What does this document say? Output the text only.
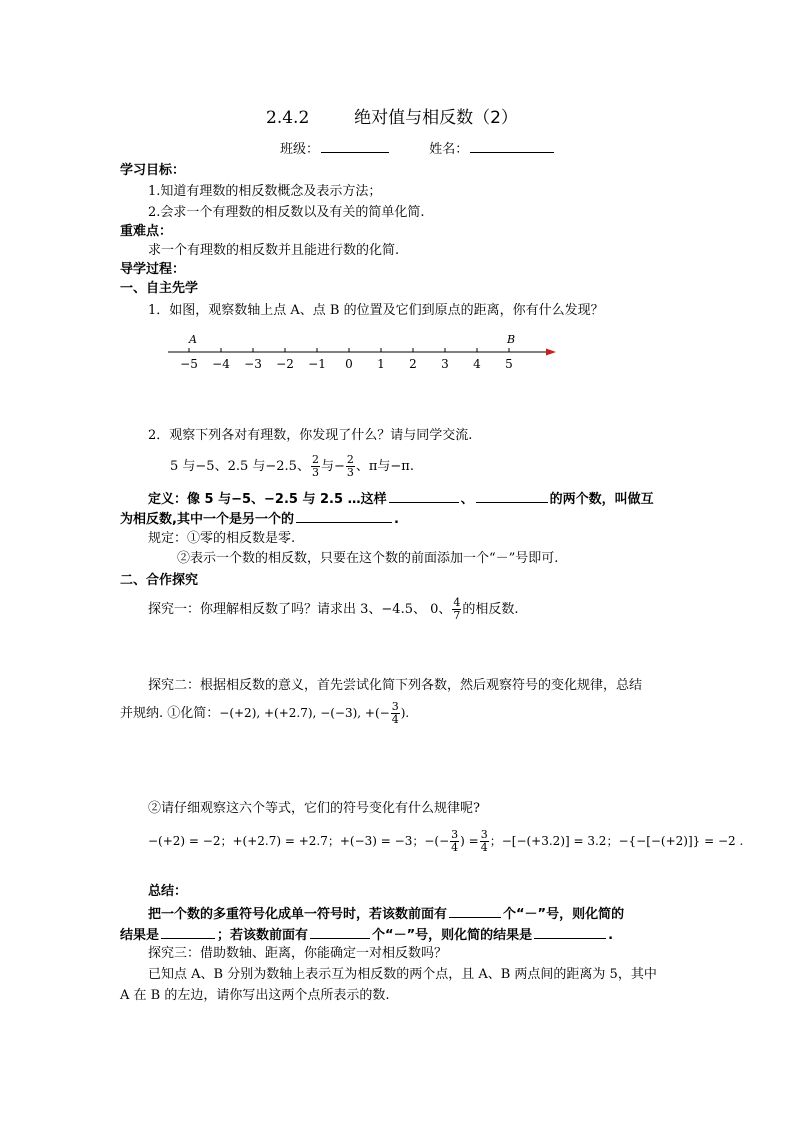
2.4.2	绝对值与相反数（2）
班级：	姓名：
学习目标：
1.知道有理数的相反数概念及表示方法；
2.会求一个有理数的相反数以及有关的简单化简.
重难点：
求一个有理数的相反数并且能进行数的化简.
导学过程：
一、自主先学
1．如图，观察数轴上点 A、点 B 的位置及它们到原点的距离，你有什么发现？
−5 −4 −3 −2 −1 0 1 2 3 4 5
A	B
2．观察下列各对有理数，你发现了什么？请与同学交流.
5 与−5、2.5 与−2.5、 $\frac{2}{3}$ 与− $\frac{2}{3}$ 、π与−π.
定义：像 5 与−5、−2.5 与 2.5 …这样	、	的两个数，叫做互
为相反数,其中一个是另一个的	.
规定：①零的相反数是零.
②表示一个数的相反数，只要在这个数的前面添加一个“－”号即可.
二、合作探究
探究一：你理解相反数了吗？请求出 3、−4.5、 0、 $\frac{4}{7}$ 的相反数.
探究二：根据相反数的意义，首先尝试化简下列各数，然后观察符号的变化规律，总结
并规纳. ①化简：−(+2), +(+2.7), −(−3), +(− $\frac{3}{4}$ ).
②请仔细观察这六个等式，它们的符号变化有什么规律呢?
−(+2) = −2；+(+2.7) = +2.7；+(−3) = −3；−(− $\frac{3}{4}$ ) = $\frac{3}{4}$ ；−[−(+3.2)] = 3.2；−{−[−(+2)]} = −2 .
总结：
把一个数的多重符号化成单一符号时，若该数前面有	个“－”号，则化简的
结果是	；若该数前面有	个“－”号，则化简的结果是	.
探究三：借助数轴、距离，你能确定一对相反数吗？
已知点 A、B 分别为数轴上表示互为相反数的两个点，且 A、B 两点间的距离为 5，其中
A 在 B 的左边，请你写出这两个点所表示的数.
